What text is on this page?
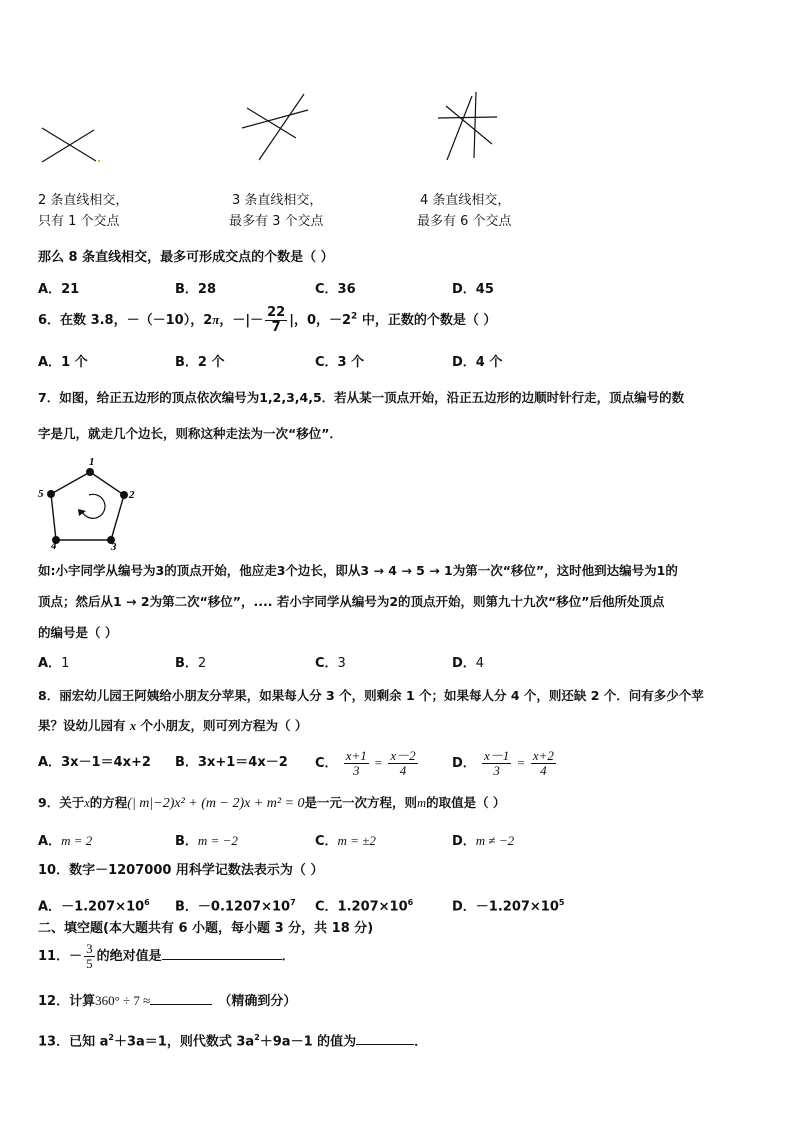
2 条直线相交，
只有 1 个交点
3 条直线相交，
最多有 3 个交点
4 条直线相交，
最多有 6 个交点
那么 8 条直线相交，最多可形成交点的个数是（ ）
A．21	B．28	C．36	D．45
6．在数 3.8，－（－10），2π，－|－ $\frac{22}{7}$ |，0，$-2^2$ 中，正数的个数是（ ）
A．1 个	B．2 个	C．3 个	D．4 个
7．如图，给正五边形的顶点依次编号为1,2,3,4,5．若从某一顶点开始，沿正五边形的边顺时针行走，顶点编号的数
字是几，就走几个边长，则称这种走法为一次“移位”．
1
2
3
4
5
如:小宇同学从编号为3的顶点开始，他应走3个边长，即从3 → 4 → 5 → 1为第一次“移位”，这时他到达编号为1的
顶点；然后从1 → 2为第二次“移位”，.... 若小宇同学从编号为2的顶点开始，则第九十九次“移位”后他所处顶点
的编号是（ ）
A．1	B．2	C．3	D．4
8．丽宏幼儿园王阿姨给小朋友分苹果，如果每人分 3 个，则剩余 1 个；如果每人分 4 个，则还缺 2 个．问有多少个苹
果？设幼儿园有 x 个小朋友，则可列方程为（ ）
A．3x－1＝4x+2 B．3x+1＝4x－2 C． $\frac{x+1}{3} = \frac{x-2}{4}$	D． $\frac{x-1}{3} = \frac{x+2}{4}$
9．关于x的方程(| m|−2)x² + (m − 2)x + m² = 0是一元一次方程，则m的取值是（ ）
A．m = 2	B．m = −2	C．m = ±2	D．m ≠ −2
10．数字－1207000 用科学记数法表示为（ ）
A．$-1.207\times 10^6$ B．$-0.1207\times 10^7$ C．$1.207\times 10^6$	D．$-1.207\times 10^5$
二、填空题(本大题共有 6 小题，每小题 3 分，共 18 分)
11．－ $\frac{3}{5}$ 的绝对值是	．
12．计算360° ÷ 7 ≈	（精确到分）
13．已知 $a^2+3a=1$，则代数式 $3a^2+9a-1$ 的值为	．
